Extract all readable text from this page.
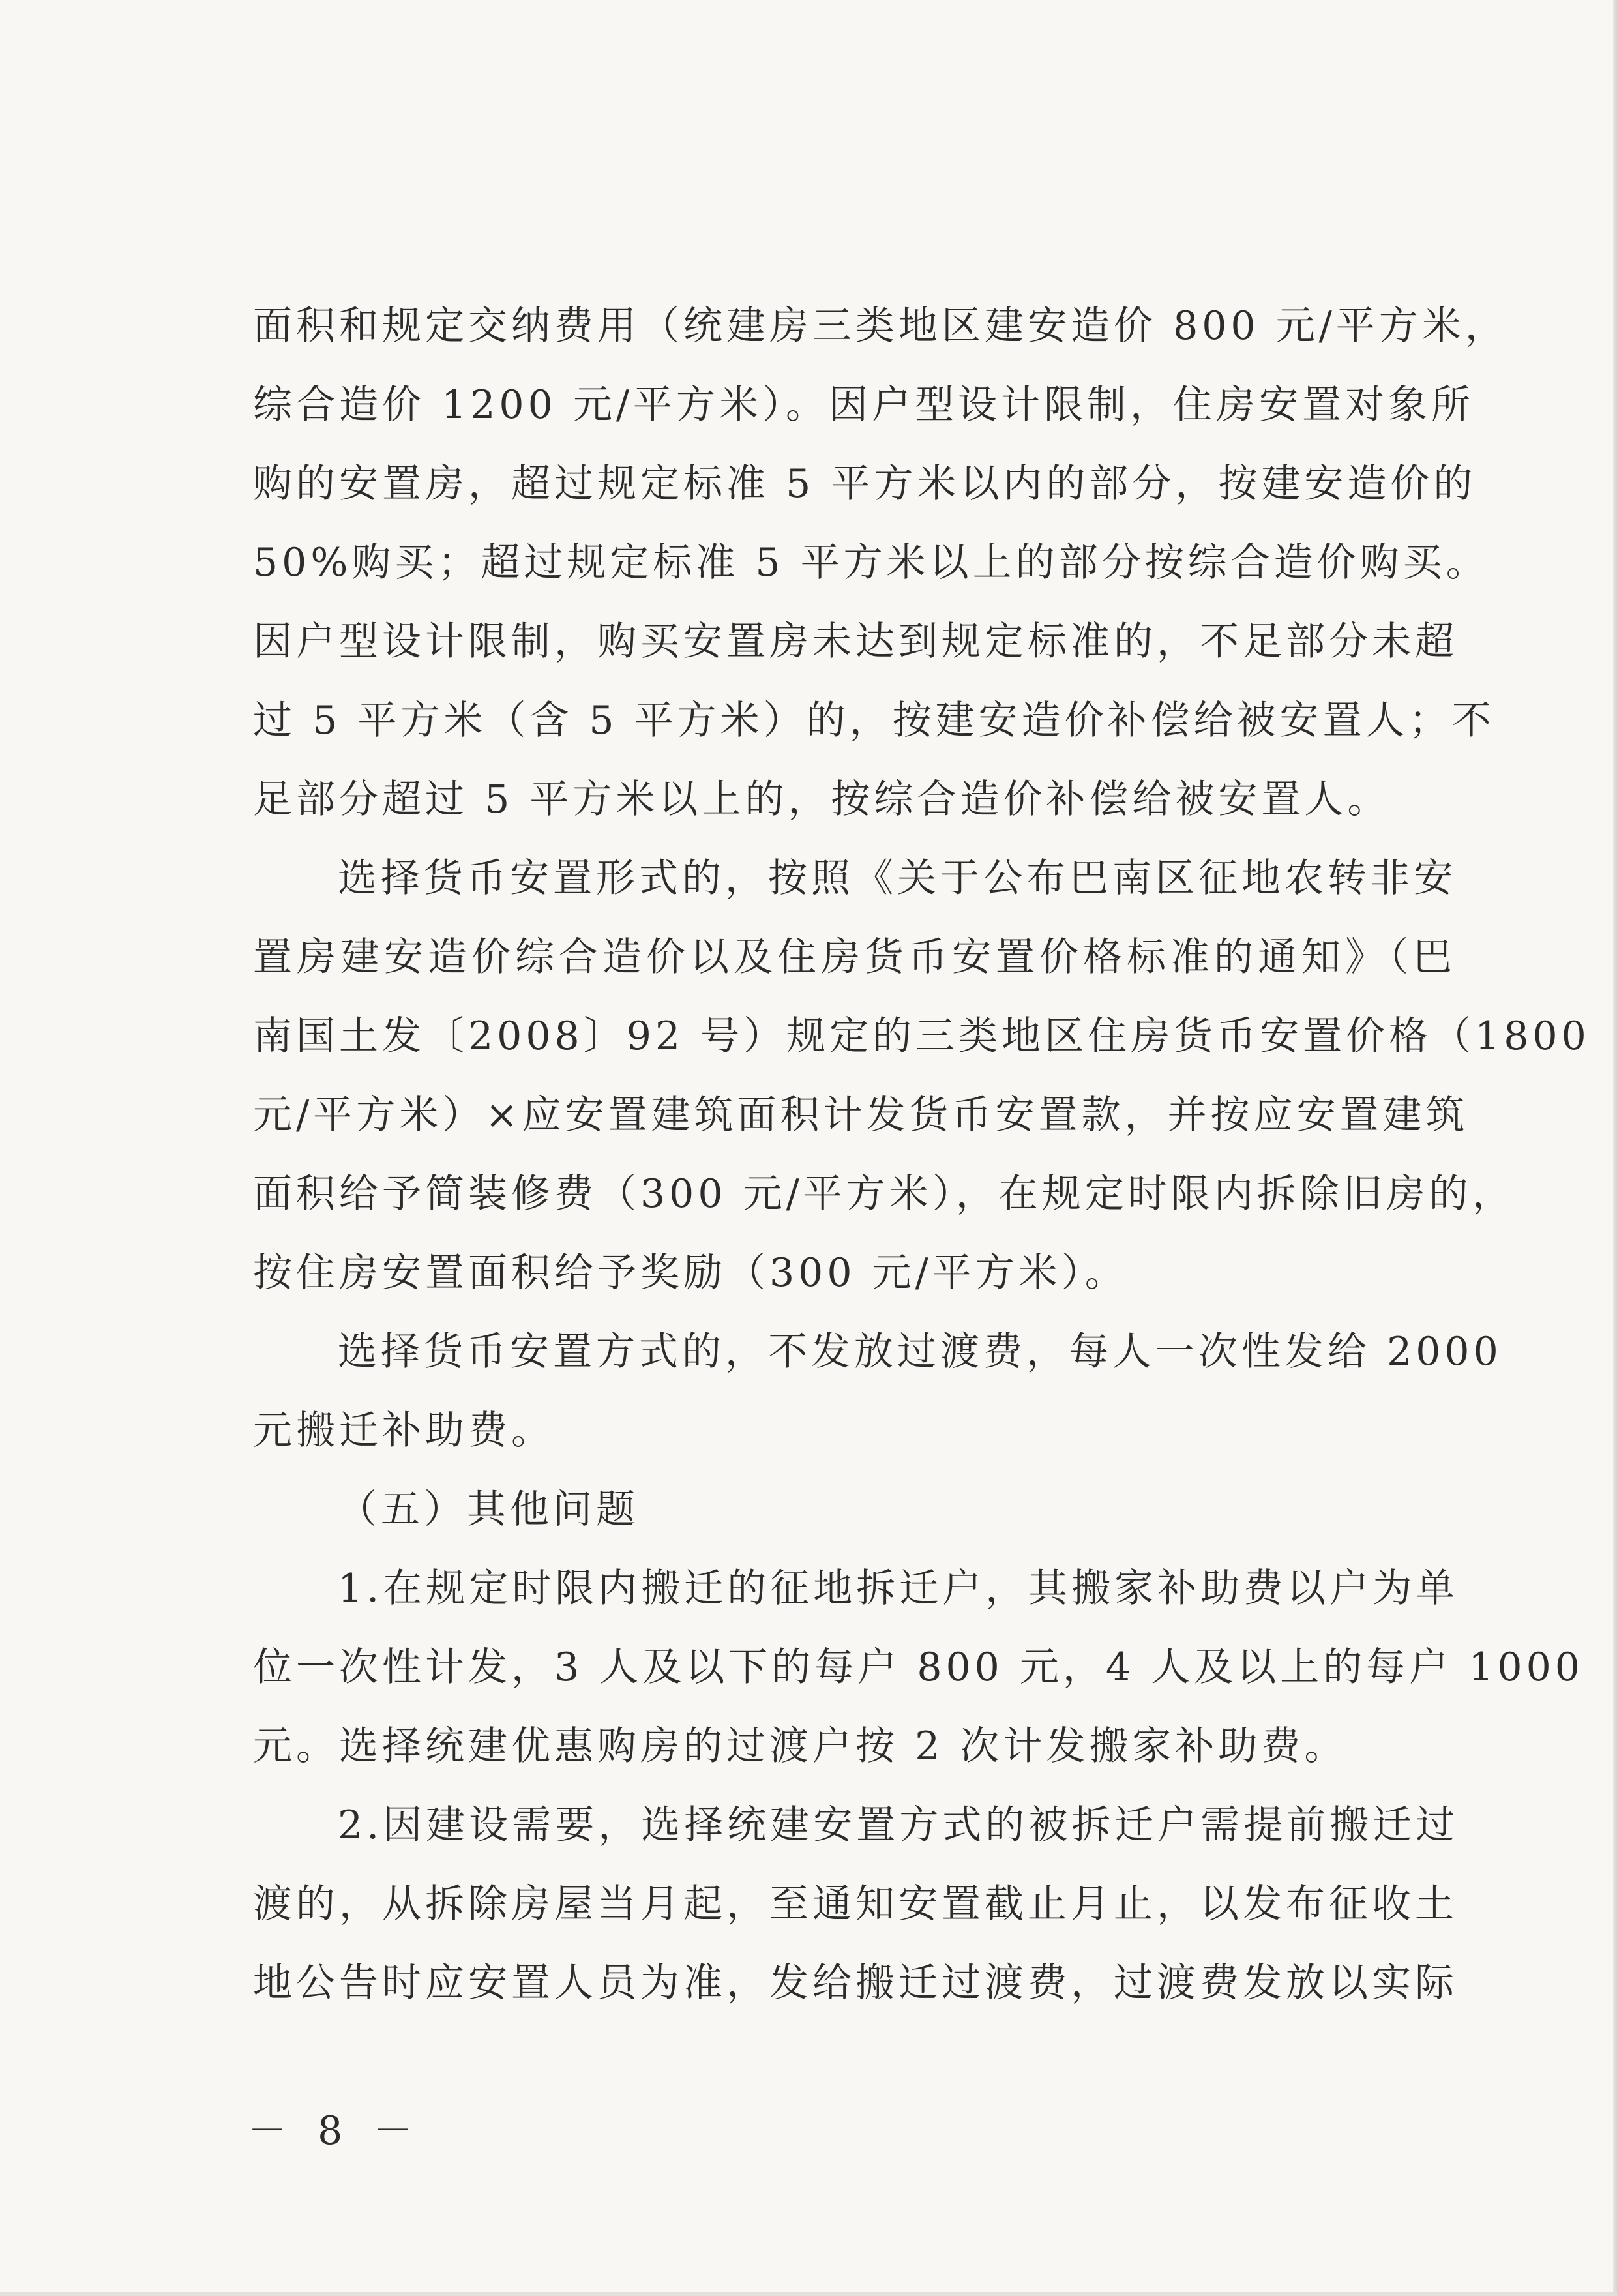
面积和规定交纳费用（统建房三类地区建安造价 800 元/平方米，
综合造价 1200 元/平方米）。因户型设计限制，住房安置对象所
购的安置房，超过规定标准 5 平方米以内的部分，按建安造价的
50%购买；超过规定标准 5 平方米以上的部分按综合造价购买。
因户型设计限制，购买安置房未达到规定标准的，不足部分未超
过 5 平方米（含 5 平方米）的，按建安造价补偿给被安置人；不
足部分超过 5 平方米以上的，按综合造价补偿给被安置人。
选择货币安置形式的，按照《关于公布巴南区征地农转非安
置房建安造价综合造价以及住房货币安置价格标准的通知》（巴
南国土发〔2008〕92 号）规定的三类地区住房货币安置价格（1800
元/平方米）×应安置建筑面积计发货币安置款，并按应安置建筑
面积给予简装修费（300 元/平方米），在规定时限内拆除旧房的，
按住房安置面积给予奖励（300 元/平方米）。
选择货币安置方式的，不发放过渡费，每人一次性发给 2000
元搬迁补助费。
（五）其他问题
1.在规定时限内搬迁的征地拆迁户，其搬家补助费以户为单
位一次性计发，3 人及以下的每户 800 元，4 人及以上的每户 1000
元。选择统建优惠购房的过渡户按 2 次计发搬家补助费。
2.因建设需要，选择统建安置方式的被拆迁户需提前搬迁过
渡的，从拆除房屋当月起，至通知安置截止月止，以发布征收土
地公告时应安置人员为准，发给搬迁过渡费，过渡费发放以实际
－ 8 －
